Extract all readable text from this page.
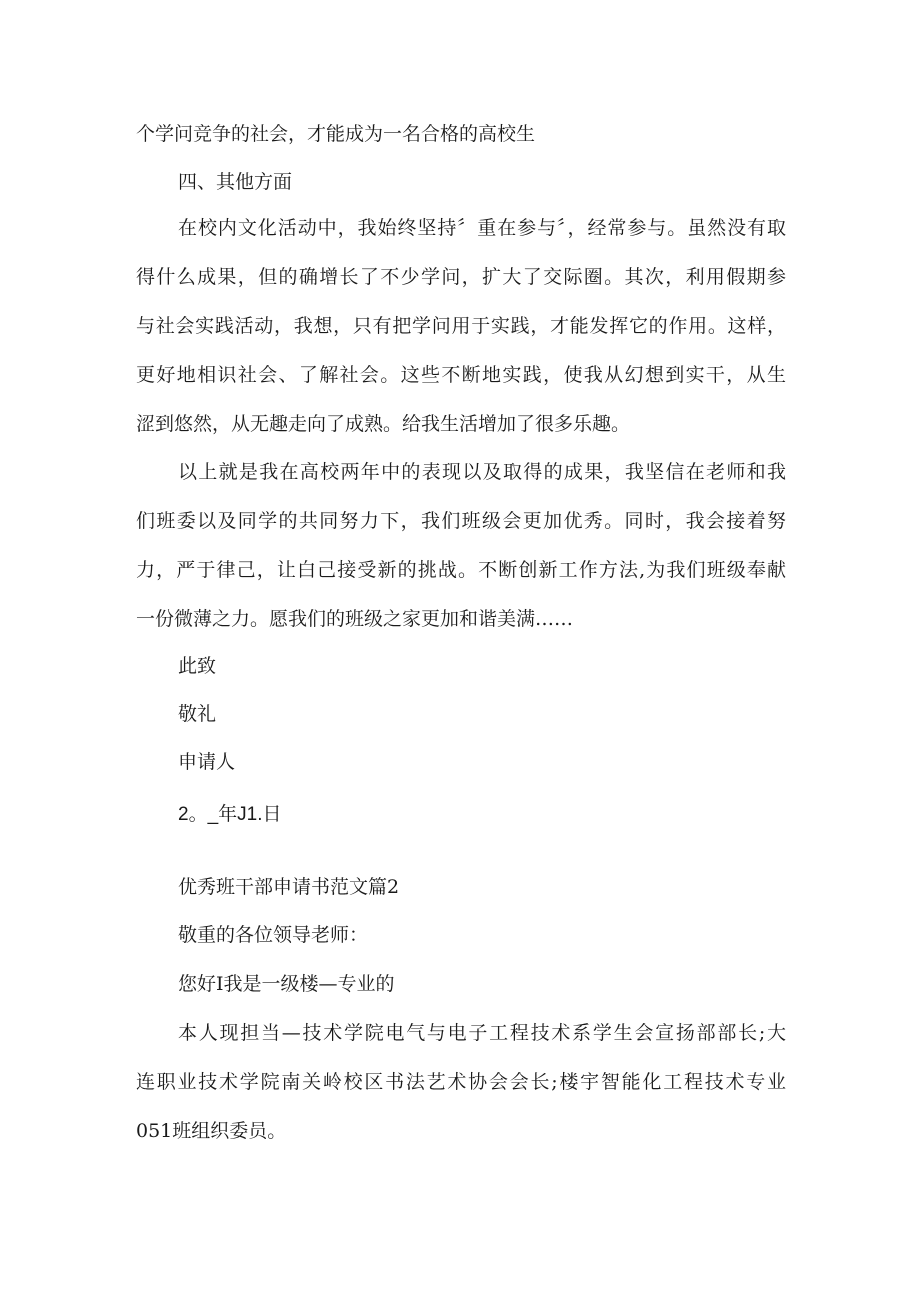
个学问竞争的社会，才能成为一名合格的高校生
四、其他方面
在校内文化活动中，我始终坚持〞重在参与〞，经常参与。虽然没有取
得什么成果，但的确增长了不少学问，扩大了交际圈。其次，利用假期参
与社会实践活动，我想，只有把学问用于实践，才能发挥它的作用。这样，
更好地相识社会、了解社会。这些不断地实践，使我从幻想到实干，从生
涩到悠然，从无趣走向了成熟。给我生活增加了很多乐趣。
以上就是我在高校两年中的表现以及取得的成果，我坚信在老师和我
们班委以及同学的共同努力下，我们班级会更加优秀。同时，我会接着努
力，严于律己，让白己接受新的挑战。不断创新工作方法,为我们班级奉献
一份微薄之力。愿我们的班级之家更加和谐美满……
此致
敬礼
申请人
2。_年J1.日
优秀班干部申请书范文篇2
敬重的各位领导老师：
您好I我是一级楼—专业的
本人现担当—技术学院电气与电子工程技术系学生会宣扬部部长;大
连职业技术学院南关岭校区书法艺术协会会长;楼宇智能化工程技术专业
051班组织委员。
